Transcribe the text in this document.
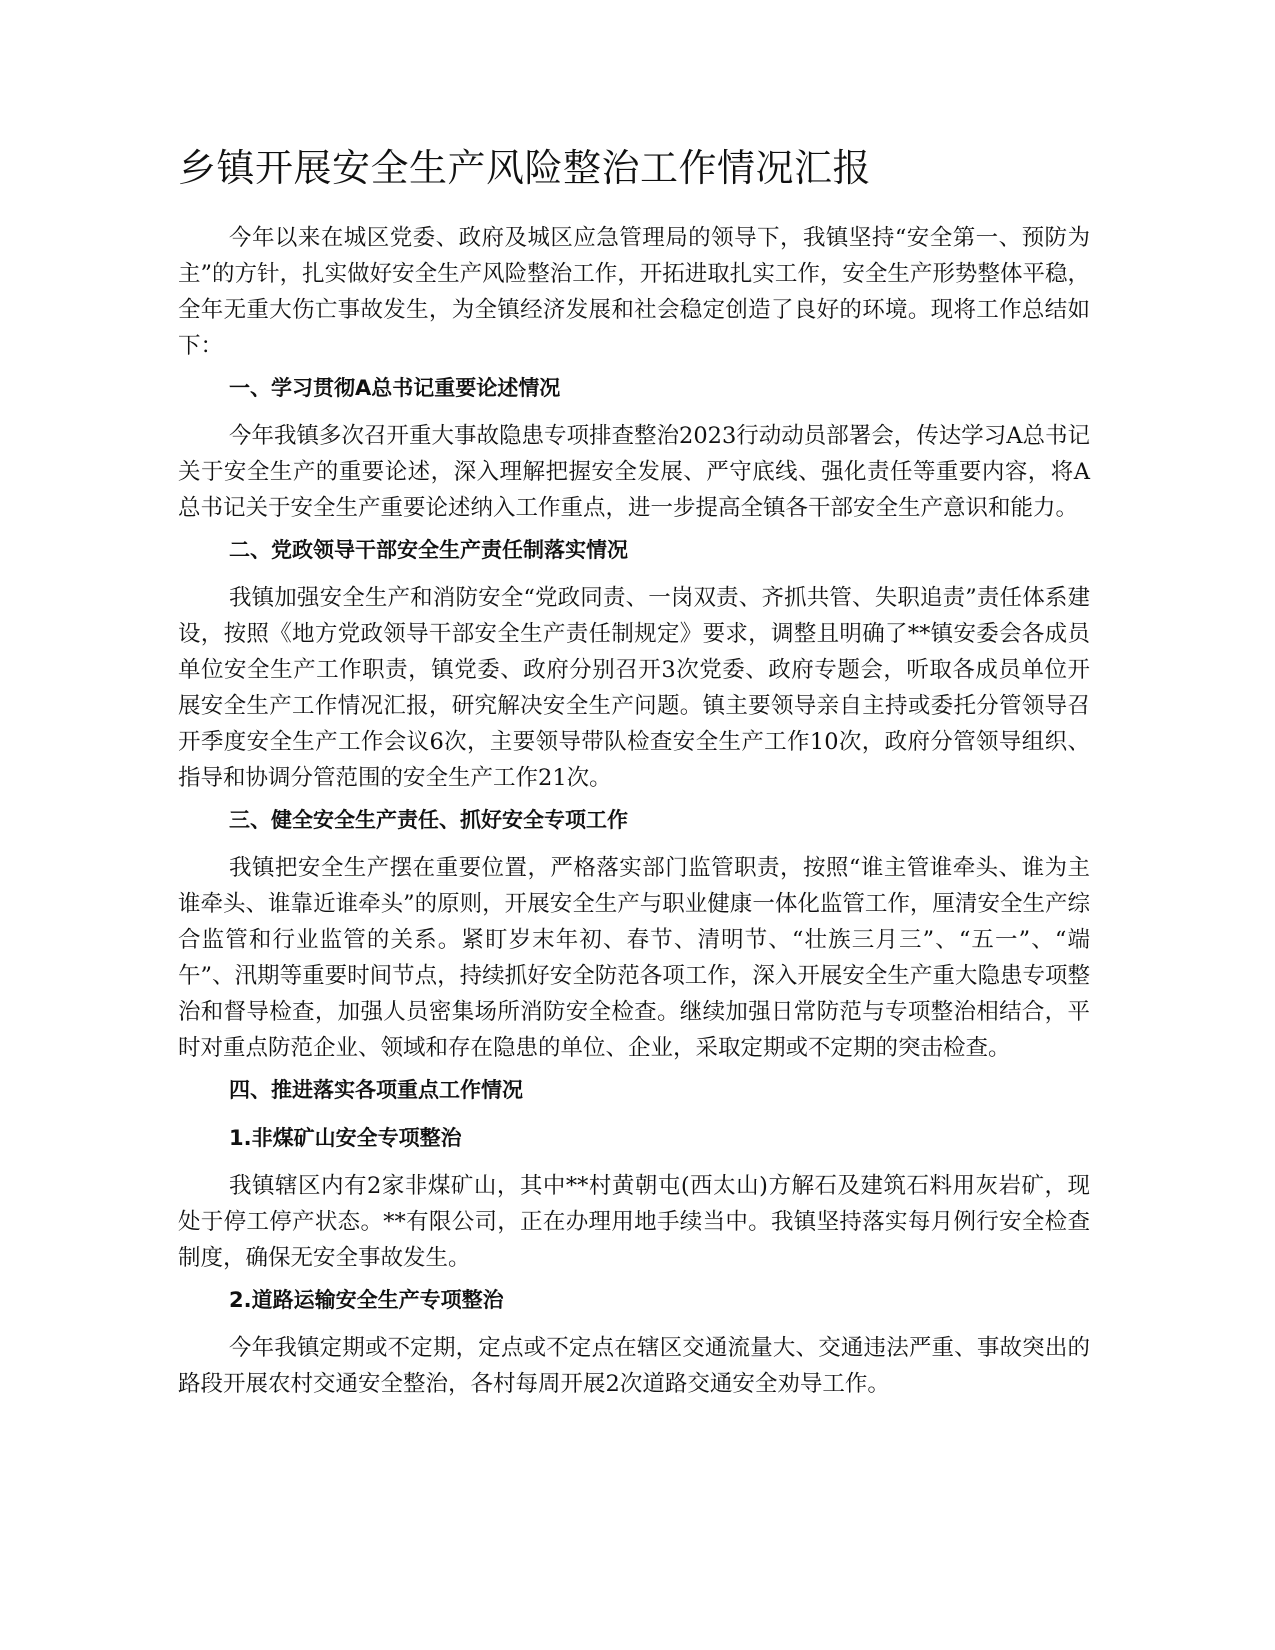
乡镇开展安全生产风险整治工作情况汇报

今年以来在城区党委、政府及城区应急管理局的领导下，我镇坚持“安全第一、预防为主”的方针，扎实做好安全生产风险整治工作，开拓进取扎实工作，安全生产形势整体平稳，全年无重大伤亡事故发生，为全镇经济发展和社会稳定创造了良好的环境。现将工作总结如下：

一、学习贯彻A总书记重要论述情况

今年我镇多次召开重大事故隐患专项排查整治2023行动动员部署会，传达学习A总书记关于安全生产的重要论述，深入理解把握安全发展、严守底线、强化责任等重要内容，将A总书记关于安全生产重要论述纳入工作重点，进一步提高全镇各干部安全生产意识和能力。

二、党政领导干部安全生产责任制落实情况

我镇加强安全生产和消防安全“党政同责、一岗双责、齐抓共管、失职追责”责任体系建设，按照《地方党政领导干部安全生产责任制规定》要求，调整且明确了**镇安委会各成员单位安全生产工作职责，镇党委、政府分别召开3次党委、政府专题会，听取各成员单位开展安全生产工作情况汇报，研究解决安全生产问题。镇主要领导亲自主持或委托分管领导召开季度安全生产工作会议6次，主要领导带队检查安全生产工作10次，政府分管领导组织、指导和协调分管范围的安全生产工作21次。

三、健全安全生产责任、抓好安全专项工作

我镇把安全生产摆在重要位置，严格落实部门监管职责，按照“谁主管谁牵头、谁为主谁牵头、谁靠近谁牵头”的原则，开展安全生产与职业健康一体化监管工作，厘清安全生产综合监管和行业监管的关系。紧盯岁末年初、春节、清明节、“壮族三月三”、“五一”、“端午”、汛期等重要时间节点，持续抓好安全防范各项工作，深入开展安全生产重大隐患专项整治和督导检查，加强人员密集场所消防安全检查。继续加强日常防范与专项整治相结合，平时对重点防范企业、领域和存在隐患的单位、企业，采取定期或不定期的突击检查。

四、推进落实各项重点工作情况
1.非煤矿山安全专项整治

我镇辖区内有2家非煤矿山，其中**村黄朝屯(西太山)方解石及建筑石料用灰岩矿，现处于停工停产状态。**有限公司，正在办理用地手续当中。我镇坚持落实每月例行安全检查制度，确保无安全事故发生。

2.道路运输安全生产专项整治

今年我镇定期或不定期，定点或不定点在辖区交通流量大、交通违法严重、事故突出的路段开展农村交通安全整治，各村每周开展2次道路交通安全劝导工作。
